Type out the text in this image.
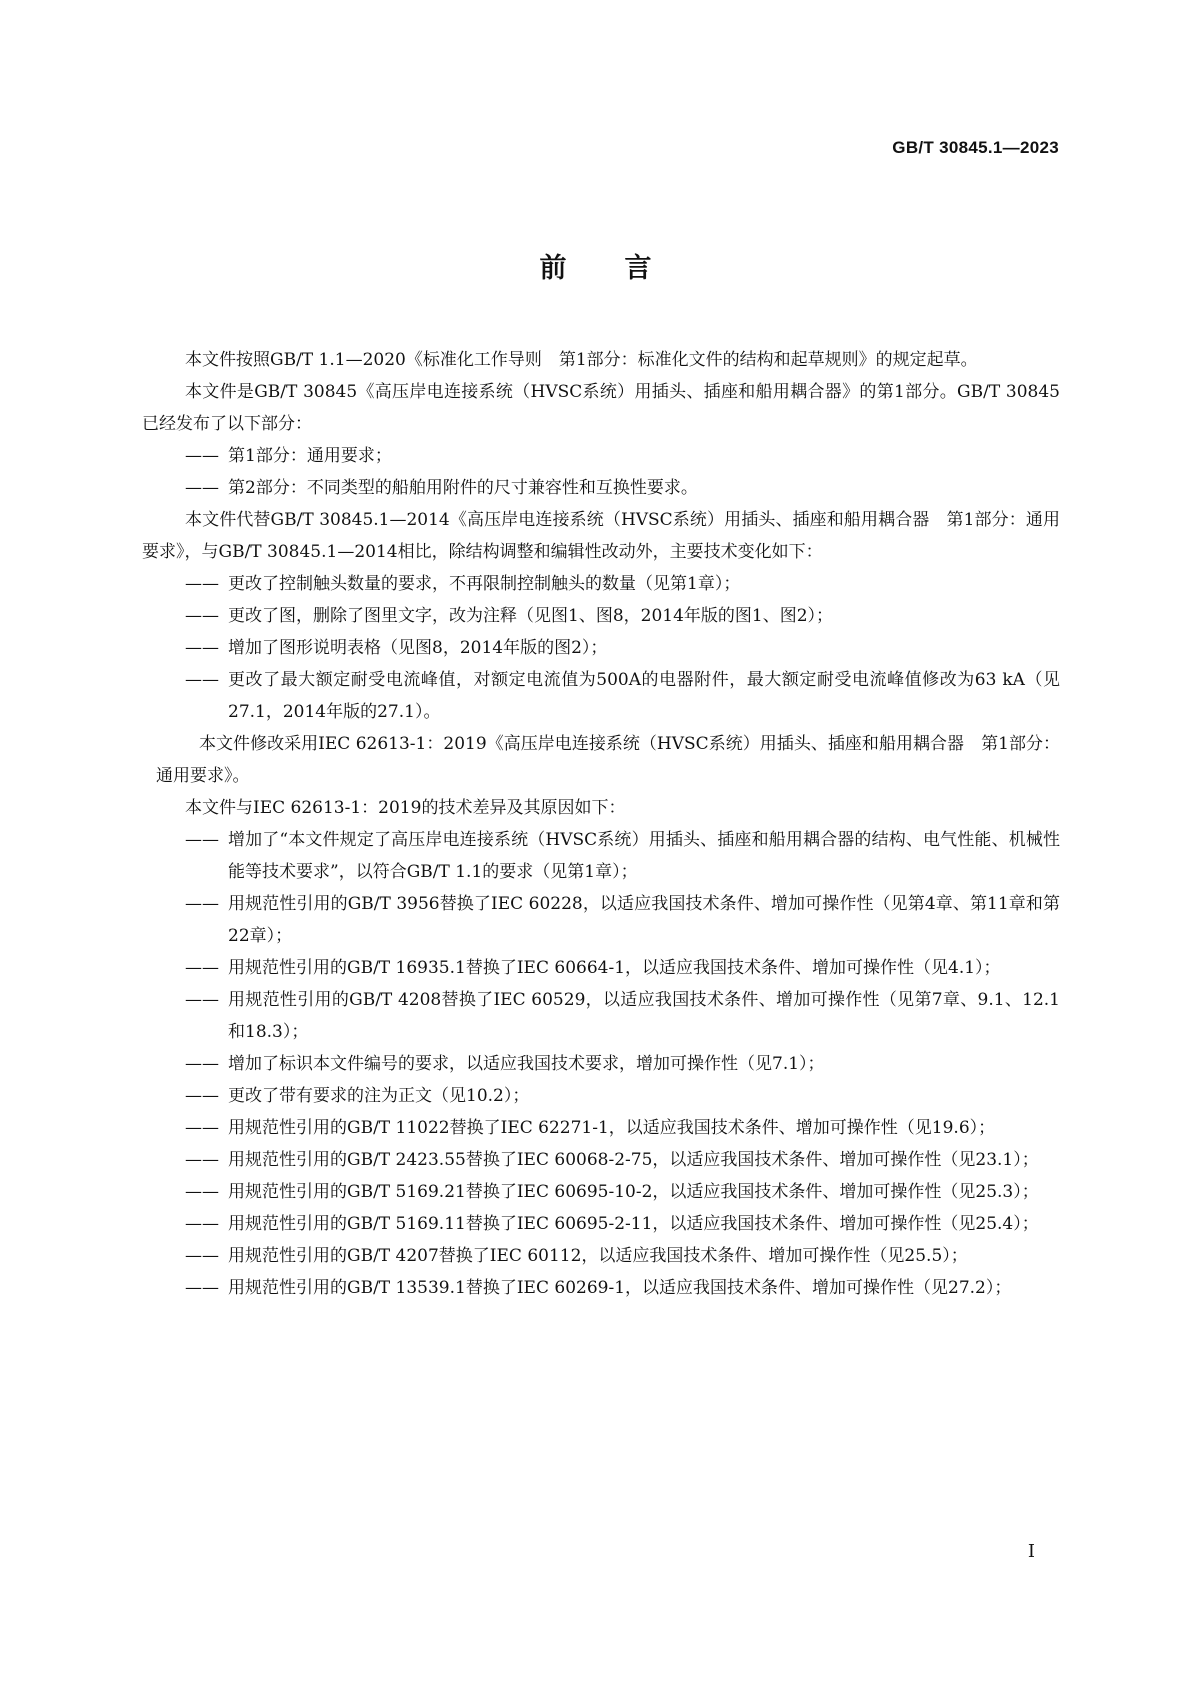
GB/T 30845.1—2023
前言

本文件按照GB/T 1.1—2020《标准化工作导则　第1部分：标准化文件的结构和起草规则》的规定起草。

本文件是GB/T 30845《高压岸电连接系统（HVSC系统）用插头、插座和船用耦合器》的第1部分。GB/T 30845已经发布了以下部分：

—— 第1部分：通用要求；

—— 第2部分：不同类型的船舶用附件的尺寸兼容性和互换性要求。

本文件代替GB/T 30845.1—2014《高压岸电连接系统（HVSC系统）用插头、插座和船用耦合器　第1部分：通用要求》，与GB/T 30845.1—2014相比，除结构调整和编辑性改动外，主要技术变化如下：

—— 更改了控制触头数量的要求，不再限制控制触头的数量（见第1章）；

—— 更改了图，删除了图里文字，改为注释（见图1、图8，2014年版的图1、图2）；

—— 增加了图形说明表格（见图8，2014年版的图2）；

—— 更改了最大额定耐受电流峰值，对额定电流值为500A的电器附件，最大额定耐受电流峰值修改为63 kA（见27.1，2014年版的27.1）。

本文件修改采用IEC 62613-1：2019《高压岸电连接系统（HVSC系统）用插头、插座和船用耦合器　第1部分：通用要求》。

本文件与IEC 62613-1：2019的技术差异及其原因如下：

—— 增加了“本文件规定了高压岸电连接系统（HVSC系统）用插头、插座和船用耦合器的结构、电气性能、机械性能等技术要求”，以符合GB/T 1.1的要求（见第1章）；

—— 用规范性引用的GB/T 3956替换了IEC 60228，以适应我国技术条件、增加可操作性（见第4章、第11章和第22章）；

—— 用规范性引用的GB/T 16935.1替换了IEC 60664-1，以适应我国技术条件、增加可操作性（见4.1）；

—— 用规范性引用的GB/T 4208替换了IEC 60529，以适应我国技术条件、增加可操作性（见第7章、9.1、12.1和18.3）；

—— 增加了标识本文件编号的要求，以适应我国技术要求，增加可操作性（见7.1）；

—— 更改了带有要求的注为正文（见10.2）；

—— 用规范性引用的GB/T 11022替换了IEC 62271-1，以适应我国技术条件、增加可操作性（见19.6）；

—— 用规范性引用的GB/T 2423.55替换了IEC 60068-2-75，以适应我国技术条件、增加可操作性（见23.1）；

—— 用规范性引用的GB/T 5169.21替换了IEC 60695-10-2，以适应我国技术条件、增加可操作性（见25.3）；

—— 用规范性引用的GB/T 5169.11替换了IEC 60695-2-11，以适应我国技术条件、增加可操作性（见25.4）；

—— 用规范性引用的GB/T 4207替换了IEC 60112，以适应我国技术条件、增加可操作性（见25.5）；

—— 用规范性引用的GB/T 13539.1替换了IEC 60269-1，以适应我国技术条件、增加可操作性（见27.2）；

I
